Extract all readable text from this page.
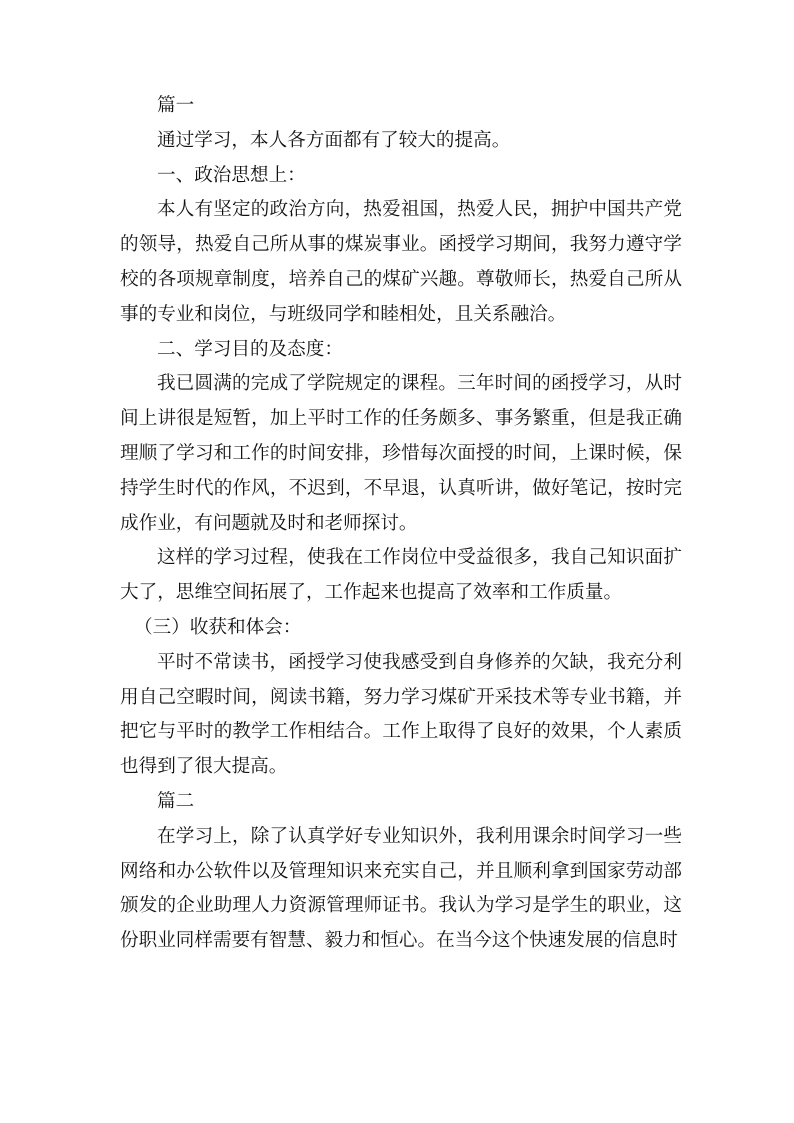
篇一

通过学习，本人各方面都有了较大的提高。

一、政治思想上：

本人有坚定的政治方向，热爱祖国，热爱人民，拥护中国共产党的领导，热爱自己所从事的煤炭事业。函授学习期间，我努力遵守学校的各项规章制度，培养自己的煤矿兴趣。尊敬师长，热爱自己所从事的专业和岗位，与班级同学和睦相处，且关系融洽。

二、学习目的及态度：

我已圆满的完成了学院规定的课程。三年时间的函授学习，从时间上讲很是短暂，加上平时工作的任务颇多、事务繁重，但是我正确理顺了学习和工作的时间安排，珍惜每次面授的时间，上课时候，保持学生时代的作风，不迟到，不早退，认真听讲，做好笔记，按时完成作业，有问题就及时和老师探讨。

这样的学习过程，使我在工作岗位中受益很多，我自己知识面扩大了，思维空间拓展了，工作起来也提高了效率和工作质量。

（三）收获和体会：

平时不常读书，函授学习使我感受到自身修养的欠缺，我充分利用自己空暇时间，阅读书籍，努力学习煤矿开采技术等专业书籍，并把它与平时的教学工作相结合。工作上取得了良好的效果，个人素质也得到了很大提高。

篇二

在学习上，除了认真学好专业知识外，我利用课余时间学习一些网络和办公软件以及管理知识来充实自己，并且顺利拿到国家劳动部颁发的企业助理人力资源管理师证书。我认为学习是学生的职业，这份职业同样需要有智慧、毅力和恒心。在当今这个快速发展的信息时
